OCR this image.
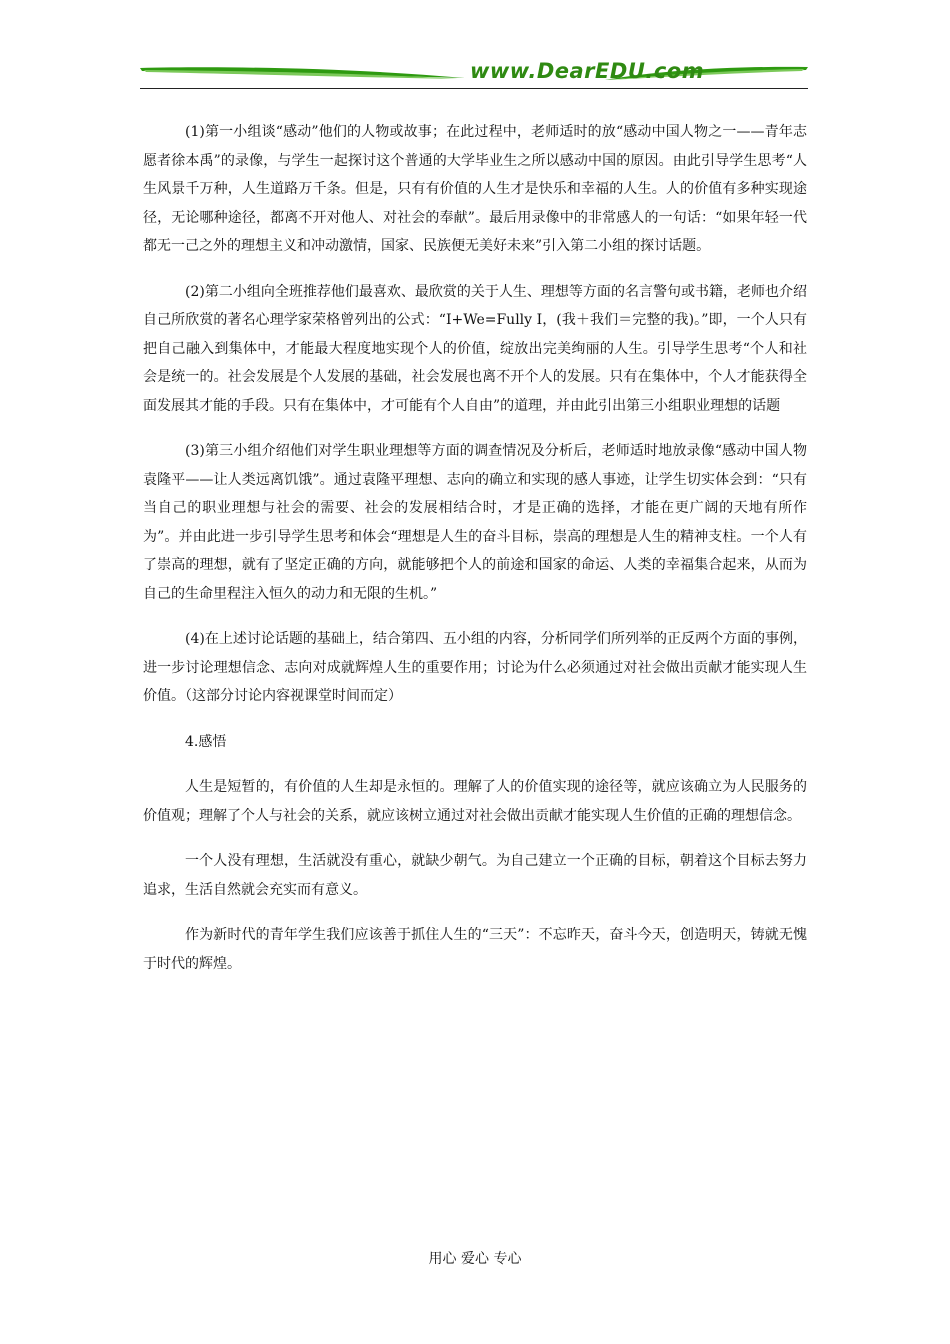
www.DearEDU.com

(1)第一小组谈“感动”他们的人物或故事；在此过程中，老师适时的放“感动中国人物之一——青年志愿者徐本禹”的录像，与学生一起探讨这个普通的大学毕业生之所以感动中国的原因。由此引导学生思考“人生风景千万种，人生道路万千条。但是，只有有价值的人生才是快乐和幸福的人生。人的价值有多种实现途径，无论哪种途径，都离不开对他人、对社会的奉献”。最后用录像中的非常感人的一句话：“如果年轻一代都无一己之外的理想主义和冲动激情，国家、民族便无美好未来”引入第二小组的探讨话题。

(2)第二小组向全班推荐他们最喜欢、最欣赏的关于人生、理想等方面的名言警句或书籍，老师也介绍自己所欣赏的著名心理学家荣格曾列出的公式：“I+We=Fully I，(我＋我们＝完整的我)。”即，一个人只有把自己融入到集体中，才能最大程度地实现个人的价值，绽放出完美绚丽的人生。引导学生思考“个人和社会是统一的。社会发展是个人发展的基础，社会发展也离不开个人的发展。只有在集体中，个人才能获得全面发展其才能的手段。只有在集体中，才可能有个人自由”的道理，并由此引出第三小组职业理想的话题

(3)第三小组介绍他们对学生职业理想等方面的调查情况及分析后，老师适时地放录像“感动中国人物袁隆平——让人类远离饥饿”。通过袁隆平理想、志向的确立和实现的感人事迹，让学生切实体会到：“只有当自己的职业理想与社会的需要、社会的发展相结合时，才是正确的选择，才能在更广阔的天地有所作为”。并由此进一步引导学生思考和体会“理想是人生的奋斗目标，崇高的理想是人生的精神支柱。一个人有了崇高的理想，就有了坚定正确的方向，就能够把个人的前途和国家的命运、人类的幸福集合起来，从而为自己的生命里程注入恒久的动力和无限的生机。”

(4)在上述讨论话题的基础上，结合第四、五小组的内容，分析同学们所列举的正反两个方面的事例，进一步讨论理想信念、志向对成就辉煌人生的重要作用；讨论为什么必须通过对社会做出贡献才能实现人生价值。（这部分讨论内容视课堂时间而定）

4.感悟

人生是短暂的，有价值的人生却是永恒的。理解了人的价值实现的途径等，就应该确立为人民服务的价值观；理解了个人与社会的关系，就应该树立通过对社会做出贡献才能实现人生价值的正确的理想信念。

一个人没有理想，生活就没有重心，就缺少朝气。为自己建立一个正确的目标，朝着这个目标去努力追求，生活自然就会充实而有意义。

作为新时代的青年学生我们应该善于抓住人生的“三天”：不忘昨天，奋斗今天，创造明天，铸就无愧于时代的辉煌。

用心 爱心 专心
